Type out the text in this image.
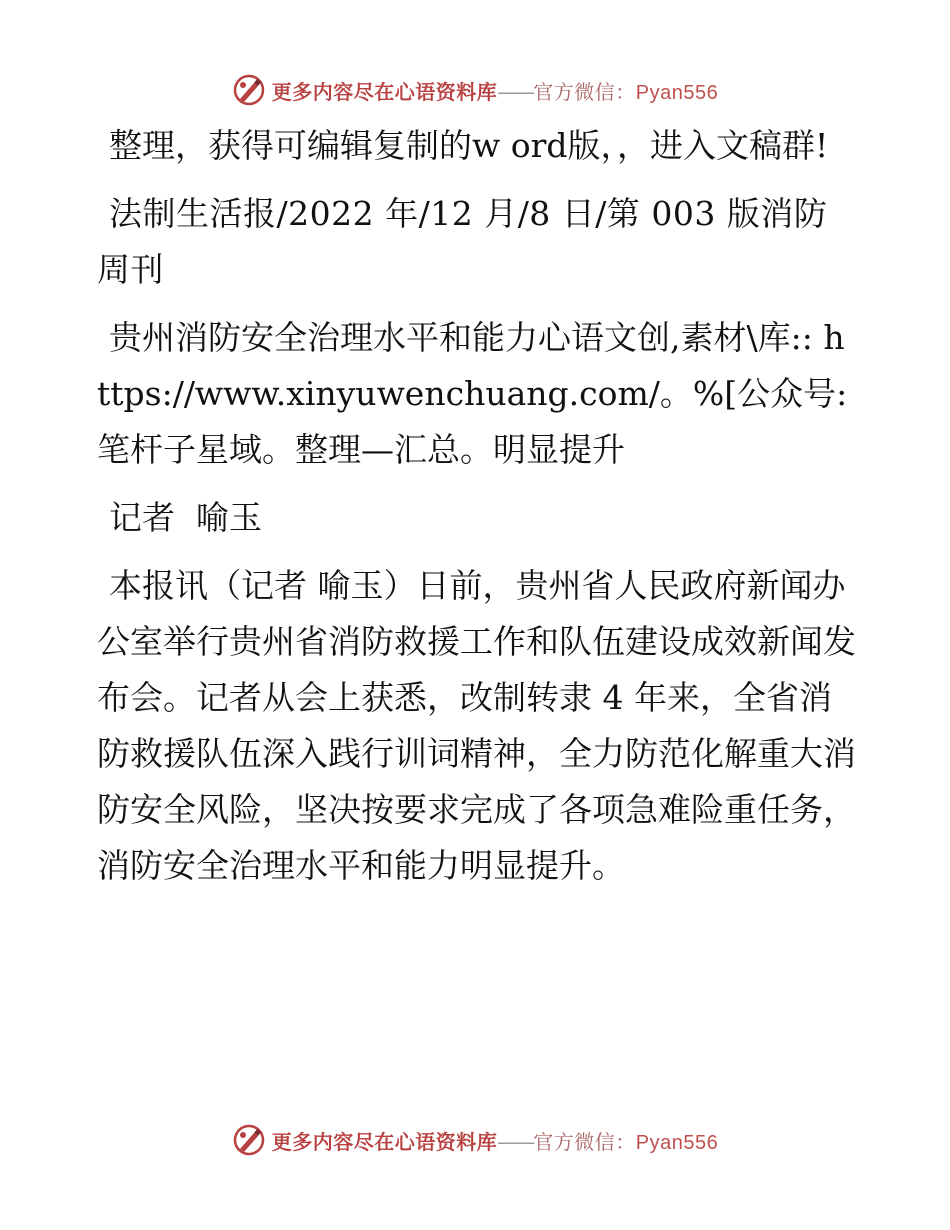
更多内容尽在心语资料库——官方微信：Pyan556

整理，获得可编辑复制的w ord版，，进入文稿群!

法制生活报/2022 年/12 月/8 日/第 003 版消防周刊

贵州消防安全治理水平和能力心语文创,素材\库:: https://www.xinyuwenchuang.com/。%[公众号: 笔杆子星域。整理—汇总。明显提升

记者  喻玉

本报讯（记者 喻玉）日前，贵州省人民政府新闻办公室举行贵州省消防救援工作和队伍建设成效新闻发布会。记者从会上获悉，改制转隶 4 年来，全省消防救援队伍深入践行训词精神，全力防范化解重大消防安全风险，坚决按要求完成了各项急难险重任务，消防安全治理水平和能力明显提升。

更多内容尽在心语资料库——官方微信：Pyan556
